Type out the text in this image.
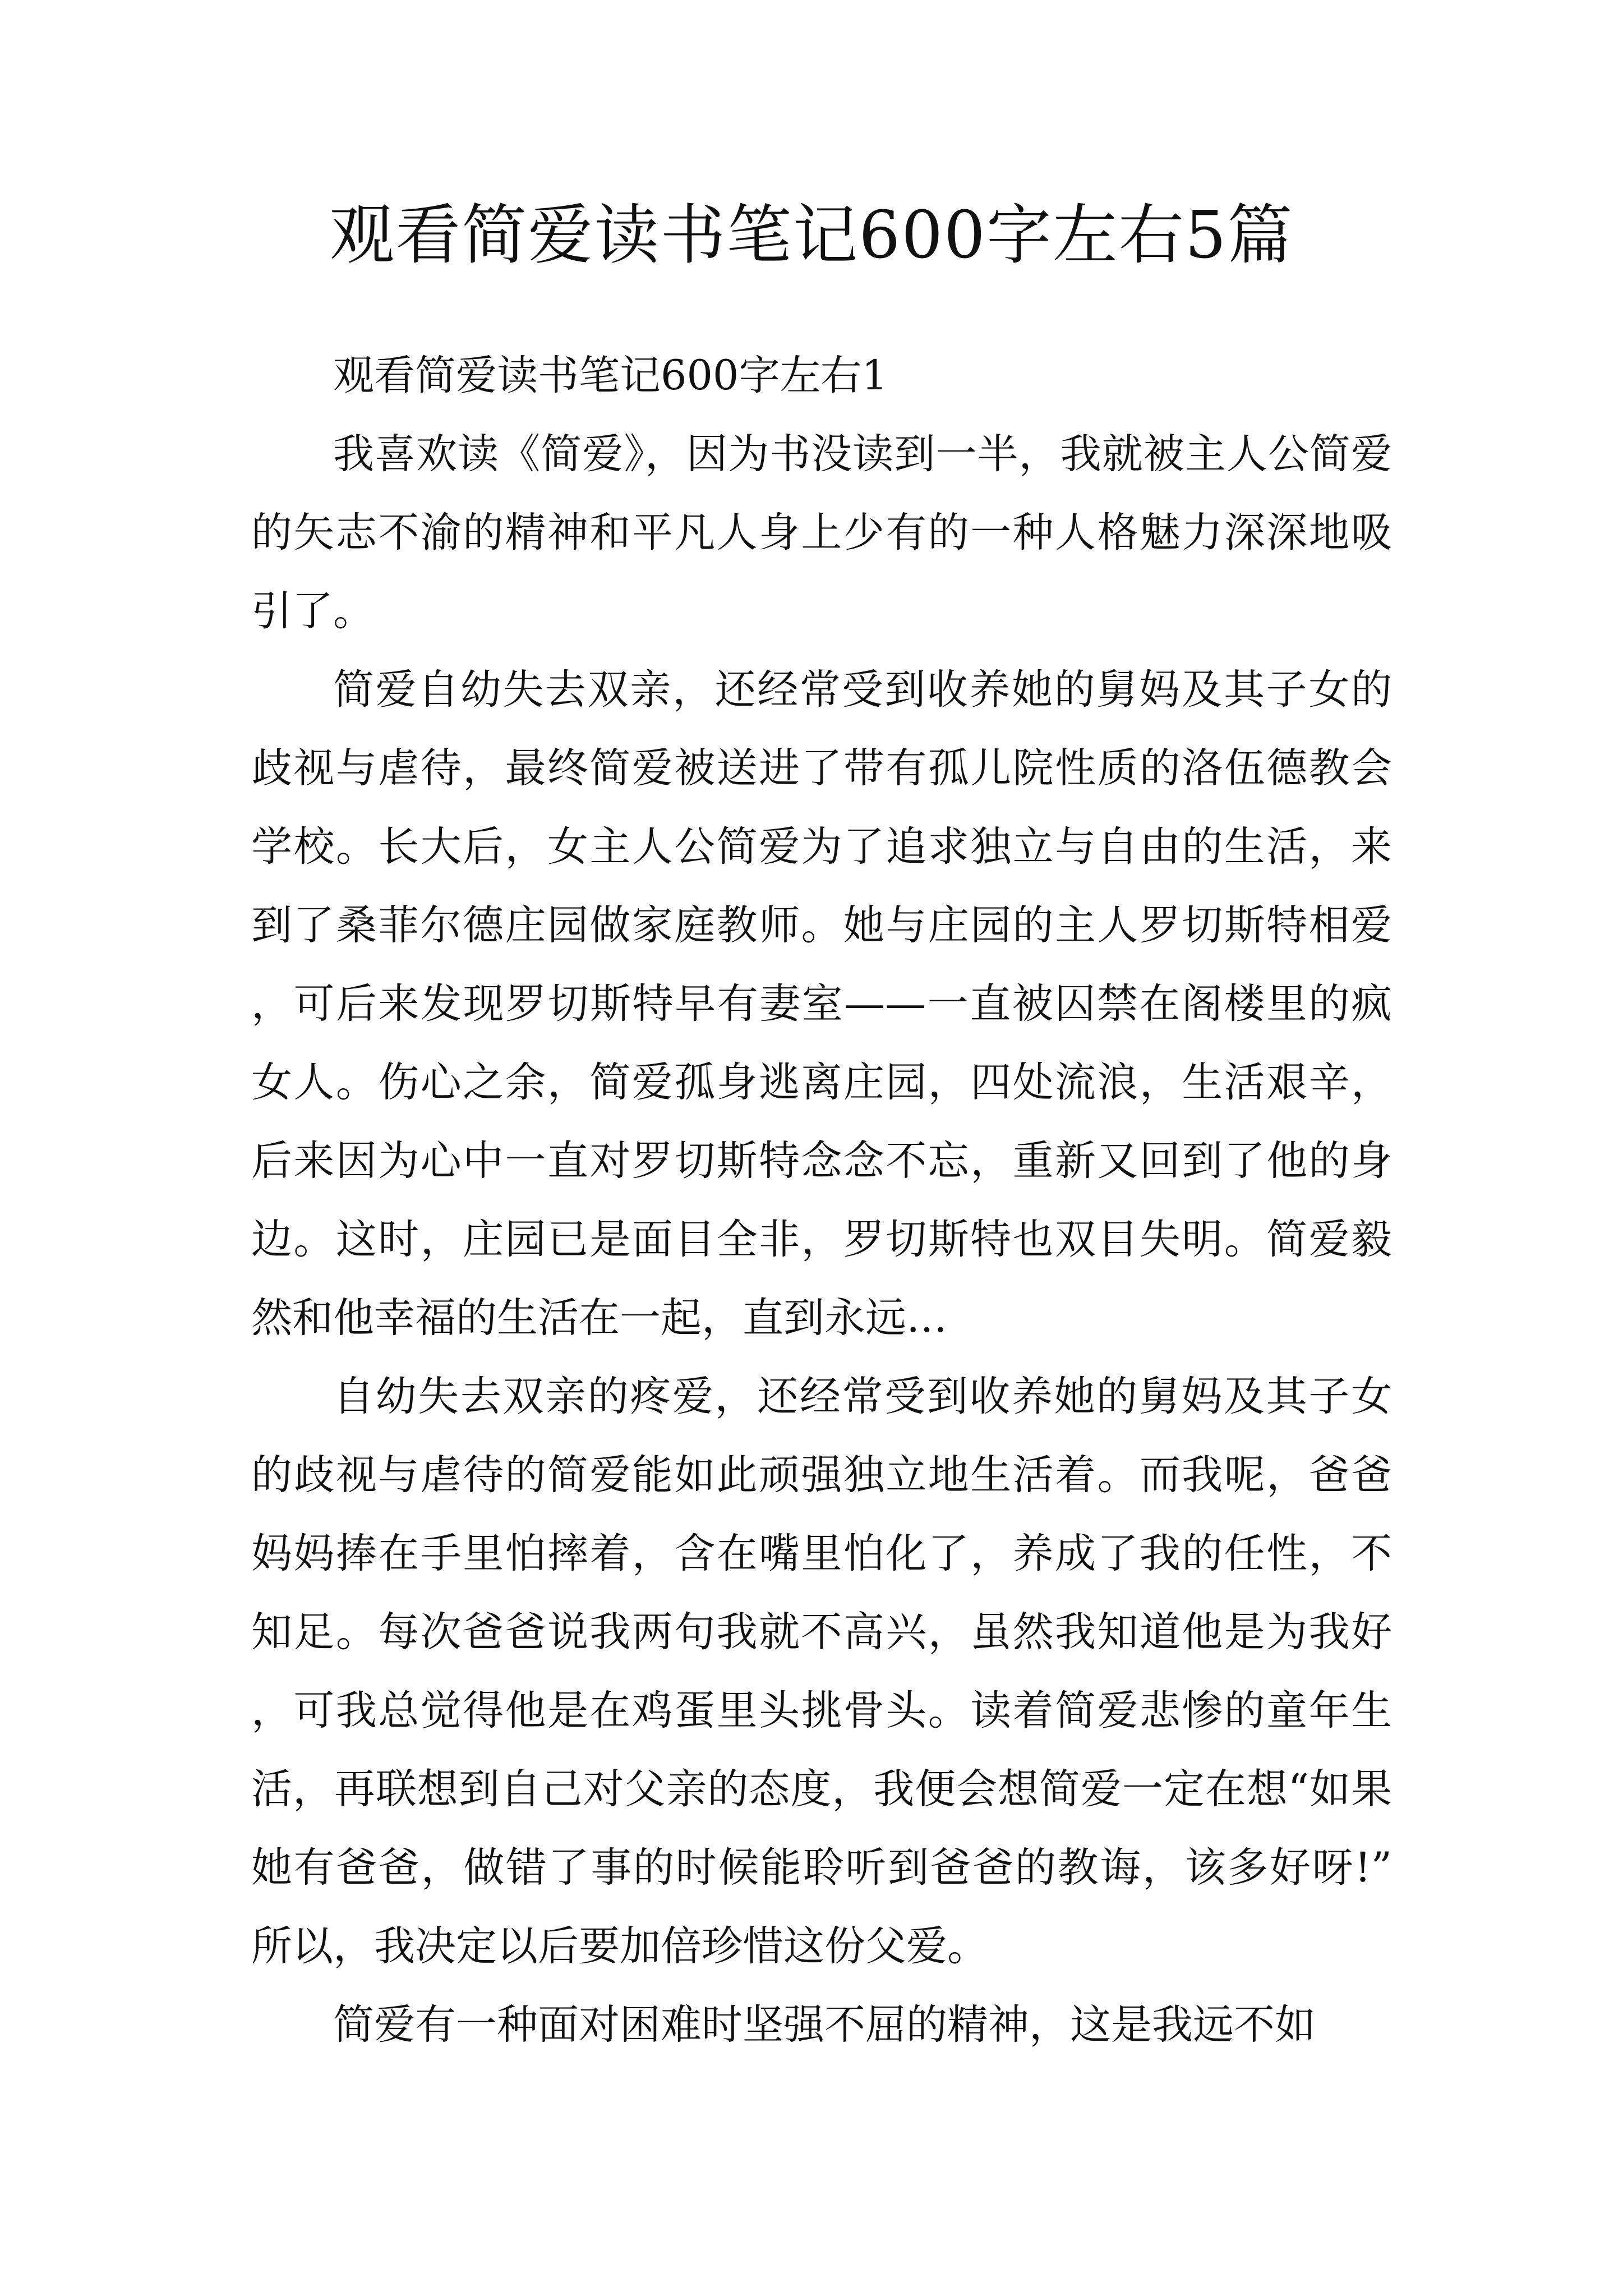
观看简爱读书笔记600字左右5篇
观看简爱读书笔记600字左右1

我喜欢读《简爱》，因为书没读到一半，我就被主人公简爱的矢志不渝的精神和平凡人身上少有的一种人格魅力深深地吸引了。

简爱自幼失去双亲，还经常受到收养她的舅妈及其子女的歧视与虐待，最终简爱被送进了带有孤儿院性质的洛伍德教会学校。长大后，女主人公简爱为了追求独立与自由的生活，来到了桑菲尔德庄园做家庭教师。她与庄园的主人罗切斯特相爱，可后来发现罗切斯特早有妻室——一直被囚禁在阁楼里的疯女人。伤心之余，简爱孤身逃离庄园，四处流浪，生活艰辛，后来因为心中一直对罗切斯特念念不忘，重新又回到了他的身边。这时，庄园已是面目全非，罗切斯特也双目失明。简爱毅然和他幸福的生活在一起，直到永远…

自幼失去双亲的疼爱，还经常受到收养她的舅妈及其子女的歧视与虐待的简爱能如此顽强独立地生活着。而我呢，爸爸妈妈捧在手里怕摔着，含在嘴里怕化了，养成了我的任性，不知足。每次爸爸说我两句我就不高兴，虽然我知道他是为我好，可我总觉得他是在鸡蛋里头挑骨头。读着简爱悲惨的童年生活，再联想到自己对父亲的态度，我便会想简爱一定在想“如果她有爸爸，做错了事的时候能聆听到爸爸的教诲，该多好呀!”所以，我决定以后要加倍珍惜这份父爱。

简爱有一种面对困难时坚强不屈的精神，这是我远不如
